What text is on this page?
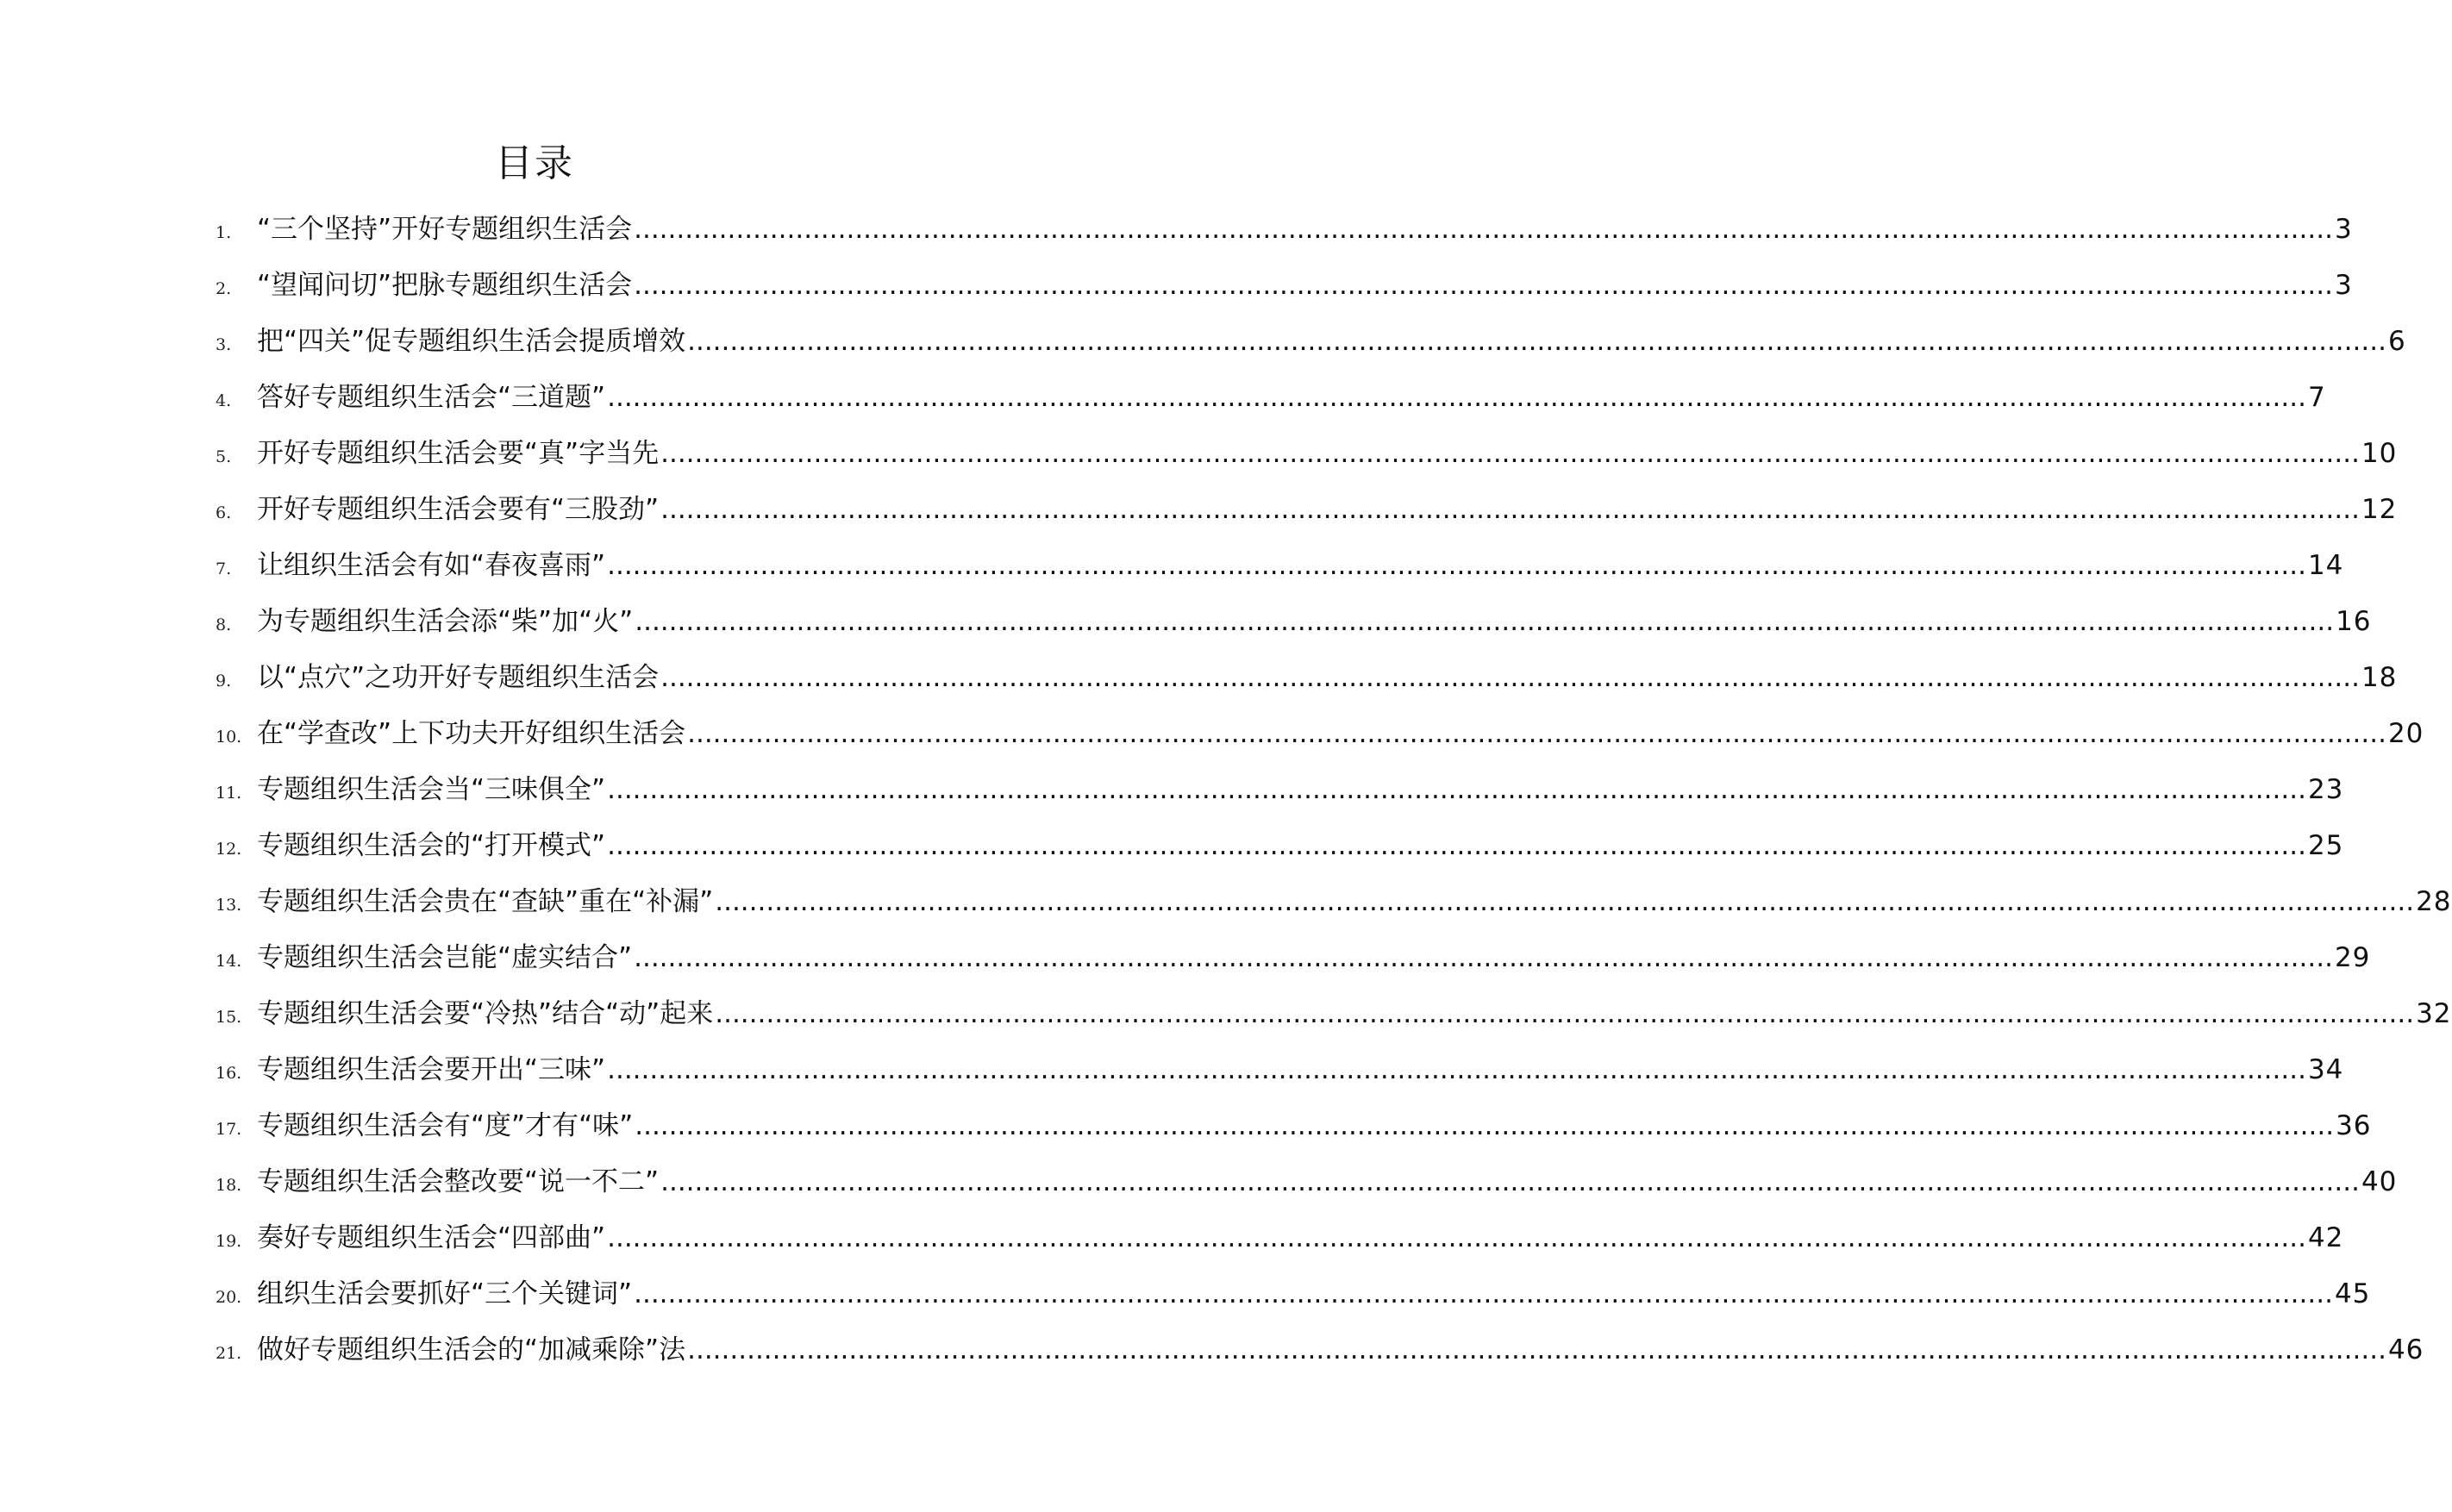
目录
1. “三个坚持”开好专题组织生活会 ........................................................................................................................................................................................................ 3
2. “望闻问切”把脉专题组织生活会 ........................................................................................................................................................................................................ 3
3. 把“四关”促专题组织生活会提质增效 ........................................................................................................................................................................................................ 6
4. 答好专题组织生活会“三道题” ........................................................................................................................................................................................................ 7
5. 开好专题组织生活会要“真”字当先 ........................................................................................................................................................................................................ 10
6. 开好专题组织生活会要有“三股劲” ........................................................................................................................................................................................................ 12
7. 让组织生活会有如“春夜喜雨” ........................................................................................................................................................................................................ 14
8. 为专题组织生活会添“柴”加“火” ........................................................................................................................................................................................................ 16
9. 以“点穴”之功开好专题组织生活会 ........................................................................................................................................................................................................ 18
10. 在“学查改”上下功夫开好组织生活会 ........................................................................................................................................................................................................ 20
11. 专题组织生活会当“三味俱全” ........................................................................................................................................................................................................ 23
12. 专题组织生活会的“打开模式” ........................................................................................................................................................................................................ 25
13. 专题组织生活会贵在“查缺”重在“补漏” ........................................................................................................................................................................................................ 28
14. 专题组织生活会岂能“虚实结合” ........................................................................................................................................................................................................ 29
15. 专题组织生活会要“冷热”结合“动”起来 ........................................................................................................................................................................................................ 32
16. 专题组织生活会要开出“三味” ........................................................................................................................................................................................................ 34
17. 专题组织生活会有“度”才有“味” ........................................................................................................................................................................................................ 36
18. 专题组织生活会整改要“说一不二” ........................................................................................................................................................................................................ 40
19. 奏好专题组织生活会“四部曲” ........................................................................................................................................................................................................ 42
20. 组织生活会要抓好“三个关键词” ........................................................................................................................................................................................................ 45
21. 做好专题组织生活会的“加减乘除”法 ........................................................................................................................................................................................................ 46
